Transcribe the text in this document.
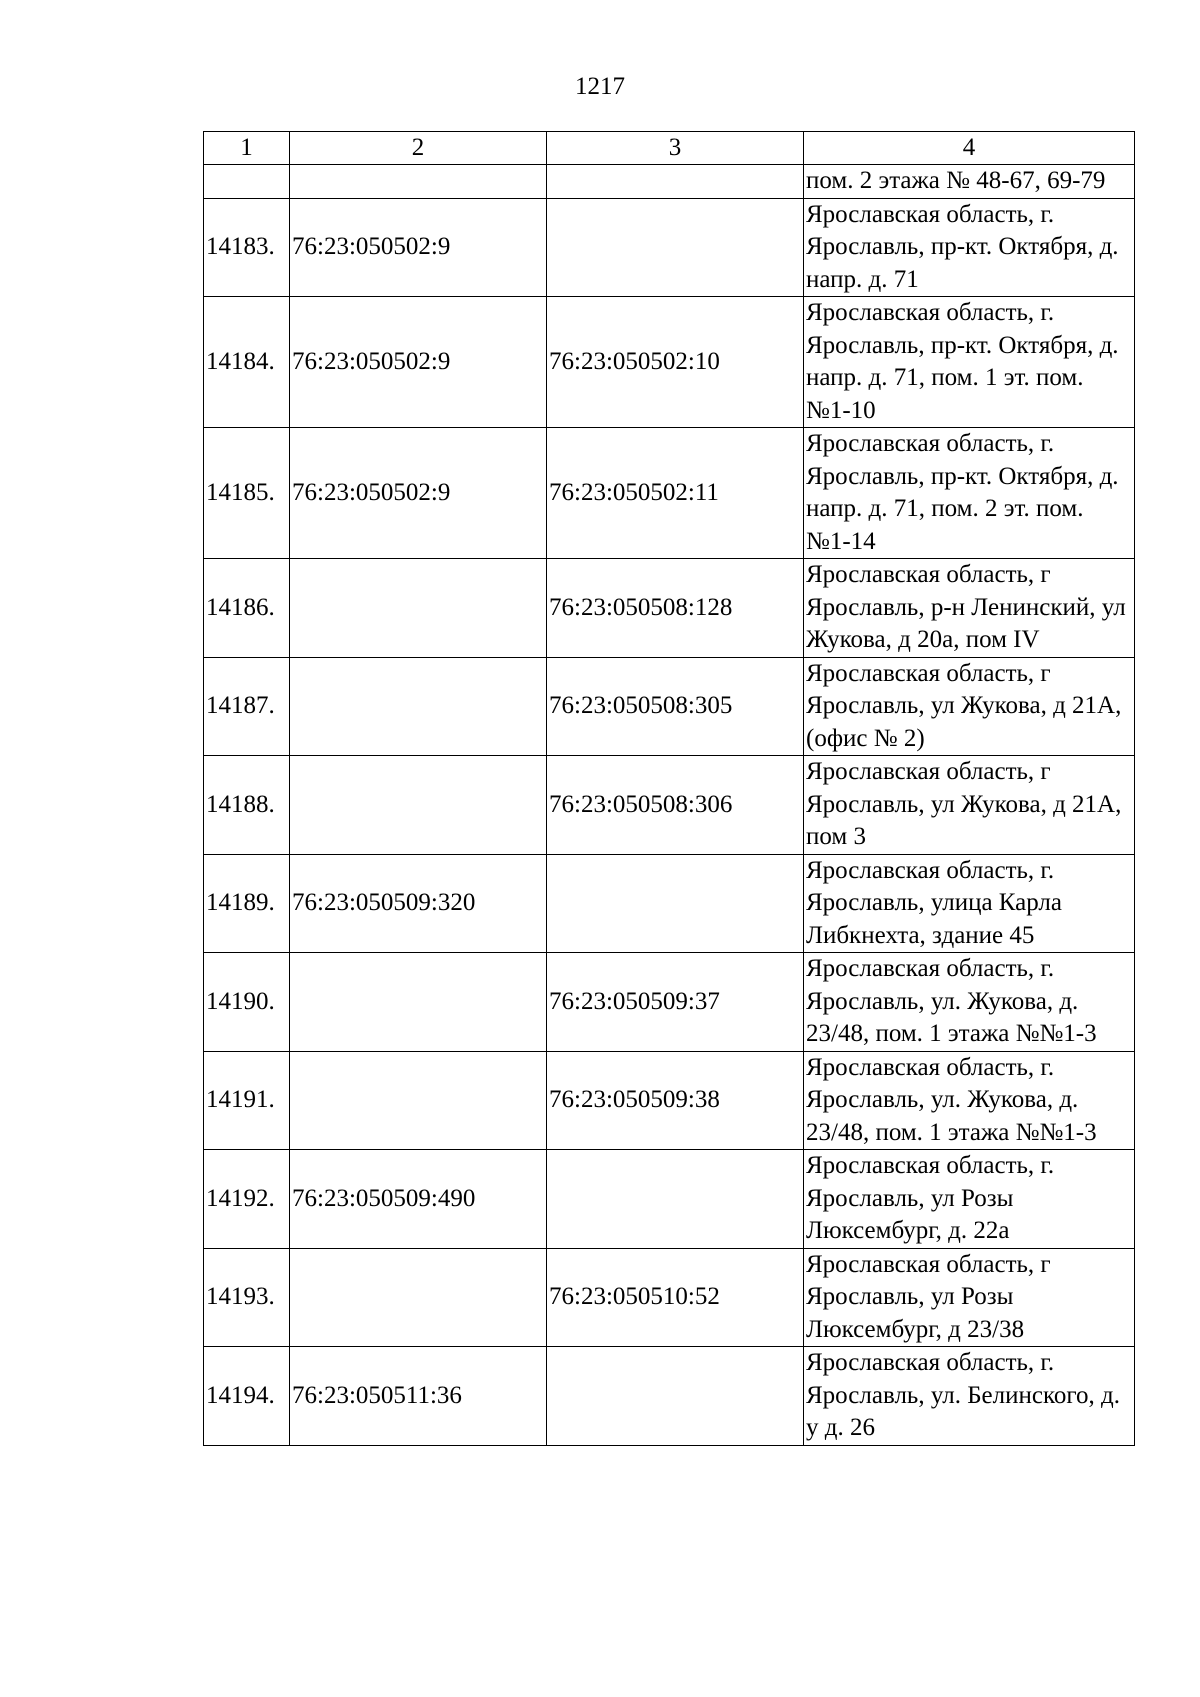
1217
1	2	3	4
			пом. 2 этажа № 48-67, 69-79
14183.	76:23:050502:9		Ярославская область, г. Ярославль, пр-кт. Октября, д. напр. д. 71
14184.	76:23:050502:9	76:23:050502:10	Ярославская область, г. Ярославль, пр-кт. Октября, д. напр. д. 71, пом. 1 эт. пом. №1-10
14185.	76:23:050502:9	76:23:050502:11	Ярославская область, г. Ярославль, пр-кт. Октября, д. напр. д. 71, пом. 2 эт. пом. №1-14
14186.		76:23:050508:128	Ярославская область, г Ярославль, р-н Ленинский, ул Жукова, д 20а, пом IV
14187.		76:23:050508:305	Ярославская область, г Ярославль, ул Жукова, д 21А, (офис № 2)
14188.		76:23:050508:306	Ярославская область, г Ярославль, ул Жукова, д 21А, пом 3
14189.	76:23:050509:320		Ярославская область, г. Ярославль, улица Карла Либкнехта, здание 45
14190.		76:23:050509:37	Ярославская область, г. Ярославль, ул. Жукова, д. 23/48, пом. 1 этажа №№1-3
14191.		76:23:050509:38	Ярославская область, г. Ярославль, ул. Жукова, д. 23/48, пом. 1 этажа №№1-3
14192.	76:23:050509:490		Ярославская область, г. Ярославль, ул Розы Люксембург, д. 22а
14193.		76:23:050510:52	Ярославская область, г Ярославль, ул Розы Люксембург, д 23/38
14194.	76:23:050511:36		Ярославская область, г. Ярославль, ул. Белинского, д. у д. 26
